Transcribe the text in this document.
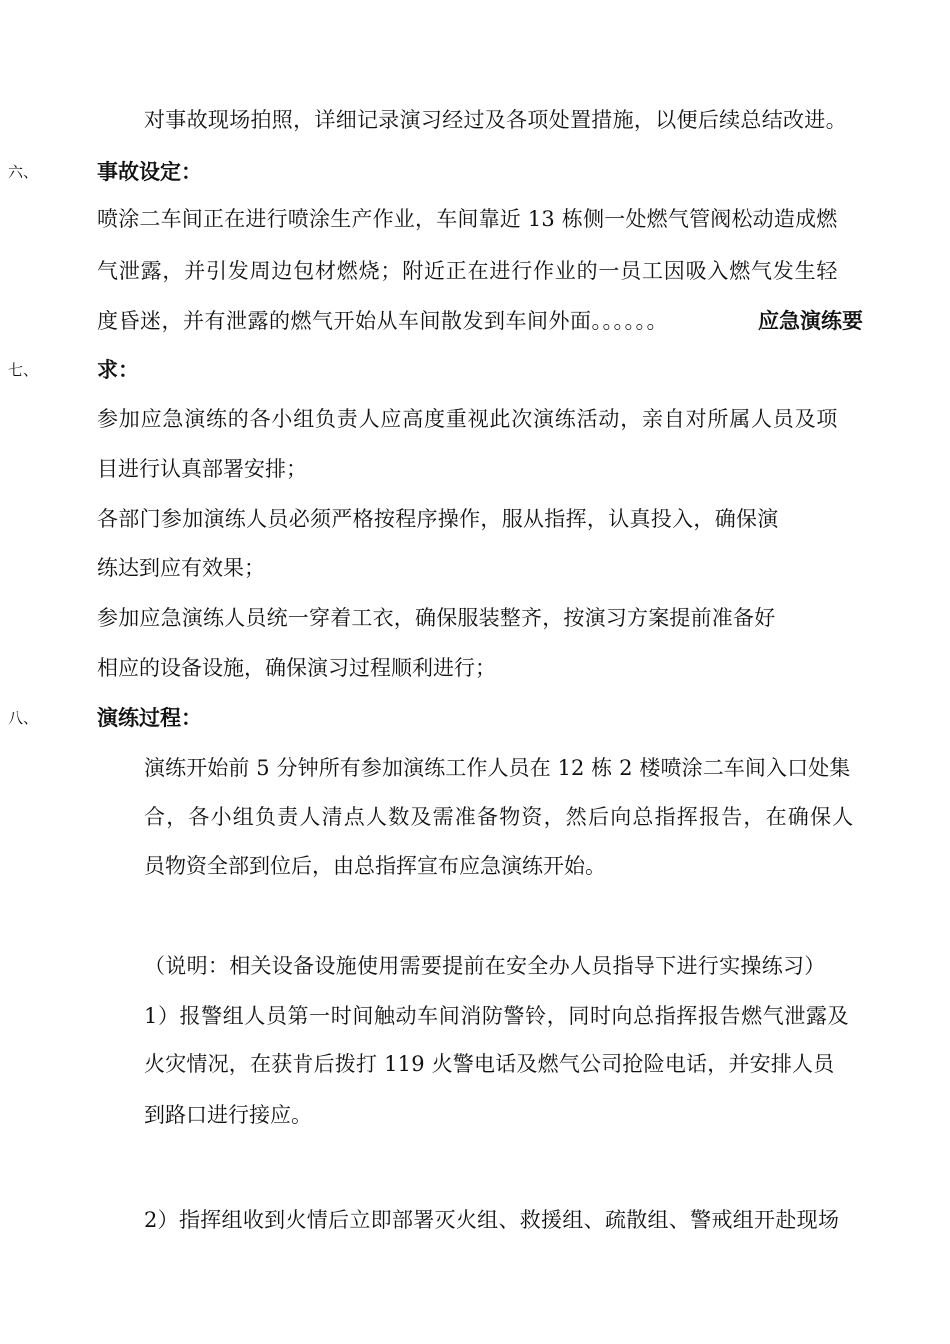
对事故现场拍照，详细记录演习经过及各项处置措施，以便后续总结改进。
六、	事故设定：
喷涂二车间正在进行喷涂生产作业，车间靠近 13 栋侧一处燃气管阀松动造成燃
气泄露，并引发周边包材燃烧；附近正在进行作业的一员工因吸入燃气发生轻
度昏迷，并有泄露的燃气开始从车间散发到车间外面。。。。。。	应急演练要
七、	求：
参加应急演练的各小组负责人应高度重视此次演练活动，亲自对所属人员及项
目进行认真部署安排；
各部门参加演练人员必须严格按程序操作，服从指挥，认真投入，确保演
练达到应有效果；
参加应急演练人员统一穿着工衣，确保服装整齐，按演习方案提前准备好
相应的设备设施，确保演习过程顺利进行；
八、	演练过程：
演练开始前 5 分钟所有参加演练工作人员在 12 栋 2 楼喷涂二车间入口处集
合，各小组负责人清点人数及需准备物资，然后向总指挥报告，在确保人
员物资全部到位后，由总指挥宣布应急演练开始。
（说明：相关设备设施使用需要提前在安全办人员指导下进行实操练习）
1）报警组人员第一时间触动车间消防警铃，同时向总指挥报告燃气泄露及
火灾情况，在获肯后拨打 119 火警电话及燃气公司抢险电话，并安排人员
到路口进行接应。
2）指挥组收到火情后立即部署灭火组、救援组、疏散组、警戒组开赴现场
